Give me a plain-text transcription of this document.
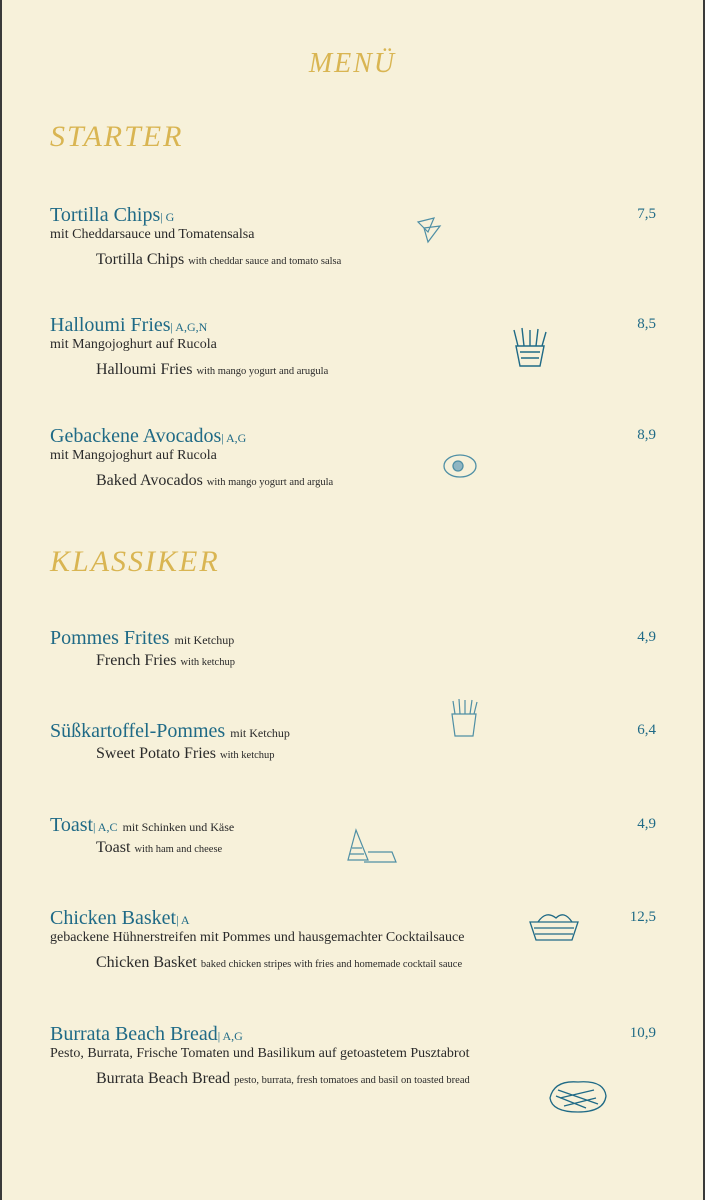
MENÜ
STARTER
Tortilla Chips| G
mit Cheddarsauce und Tomatensalsa
Tortilla Chips with cheddar sauce and tomato salsa
7,5
Halloumi Fries| A,G,N
mit Mangojoghurt auf Rucola
Halloumi Fries with mango yogurt and arugula
8,5
Gebackene Avocados| A,G
mit Mangojoghurt auf Rucola
Baked Avocados with mango yogurt and argula
8,9
KLASSIKER
Pommes Frites mit Ketchup
French Fries with ketchup
4,9
Süßkartoffel-Pommes mit Ketchup
Sweet Potato Fries with ketchup
6,4
Toast| A,C mit Schinken und Käse
Toast with ham and cheese
4,9
Chicken Basket| A
gebackene Hühnerstreifen mit Pommes und hausgemachter Cocktailsauce
Chicken Basket baked chicken stripes with fries and homemade cocktail sauce
12,5
Burrata Beach Bread| A,G
Pesto, Burrata, Frische Tomaten und Basilikum auf getoastetem Pusztabrot
Burrata Beach Bread pesto, burrata, fresh tomatoes and basil on toasted bread
10,9
